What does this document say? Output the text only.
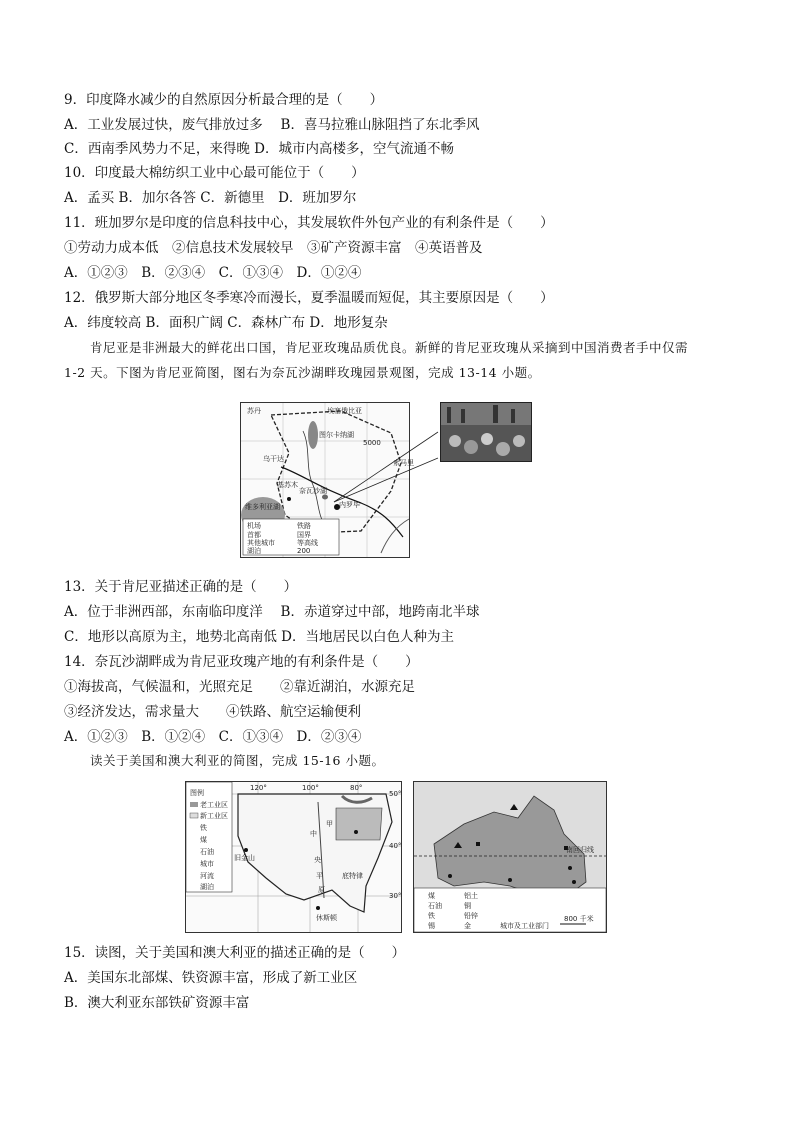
9．印度降水减少的自然原因分析最合理的是（　　）
A．工业发展过快，废气排放过多　 B．喜马拉雅山脉阻挡了东北季风
C．西南季风势力不足，来得晚 D．城市内高楼多，空气流通不畅
10．印度最大棉纺织工业中心最可能位于（　　）
A．孟买 B．加尔各答 C．新德里　D．班加罗尔
11．班加罗尔是印度的信息科技中心，其发展软件外包产业的有利条件是（　　）
①劳动力成本低　②信息技术发展较早　③矿产资源丰富　④英语普及
A．①②③　B．②③④　C．①③④　D．①②④
12．俄罗斯大部分地区冬季寒冷而漫长，夏季温暖而短促，其主要原因是（　　）
A．纬度较高 B．面积广阔 C．森林广布 D．地形复杂
肯尼亚是非洲最大的鲜花出口国，肯尼亚玫瑰品质优良。新鲜的肯尼亚玫瑰从采摘到中国消费者手中仅需
1-2 天。下图为肯尼亚简图，图右为奈瓦沙湖畔玫瑰园景观图，完成 13-14 小题。
苏丹	埃塞俄比亚
乌干达	索马里
图尔卡纳湖
5000
奈瓦沙湖
内罗毕
基苏木
维多利亚湖
机场
首都
其他城市
湖泊
铁路
国界
等高线
200
13．关于肯尼亚描述正确的是（　　）
A．位于非洲西部，东南临印度洋　 B．赤道穿过中部，地跨南北半球
C．地形以高原为主，地势北高南低 D．当地居民以白色人种为主
14．奈瓦沙湖畔成为肯尼亚玫瑰产地的有利条件是（　　）
①海拔高，气候温和，光照充足　　②靠近湖泊，水源充足
③经济发达，需求量大　　④铁路、航空运输便利
A．①②③　B．①②④　C．①③④　D．②③④
读关于美国和澳大利亚的简图，完成 15-16 小题。
图例
老工业区
新工业区
铁
煤
石油
城市
河流
湖泊
120°	100°	80°
50°
40°
30°
旧金山
中
甲
央
平
原
底特律
休斯顿
南回归线
煤
石油
铁
锡
铝土
铜
铅锌
金	城市及工业部门
800 千米
15．读图，关于美国和澳大利亚的描述正确的是（　　）
A．美国东北部煤、铁资源丰富，形成了新工业区
B．澳大利亚东部铁矿资源丰富
